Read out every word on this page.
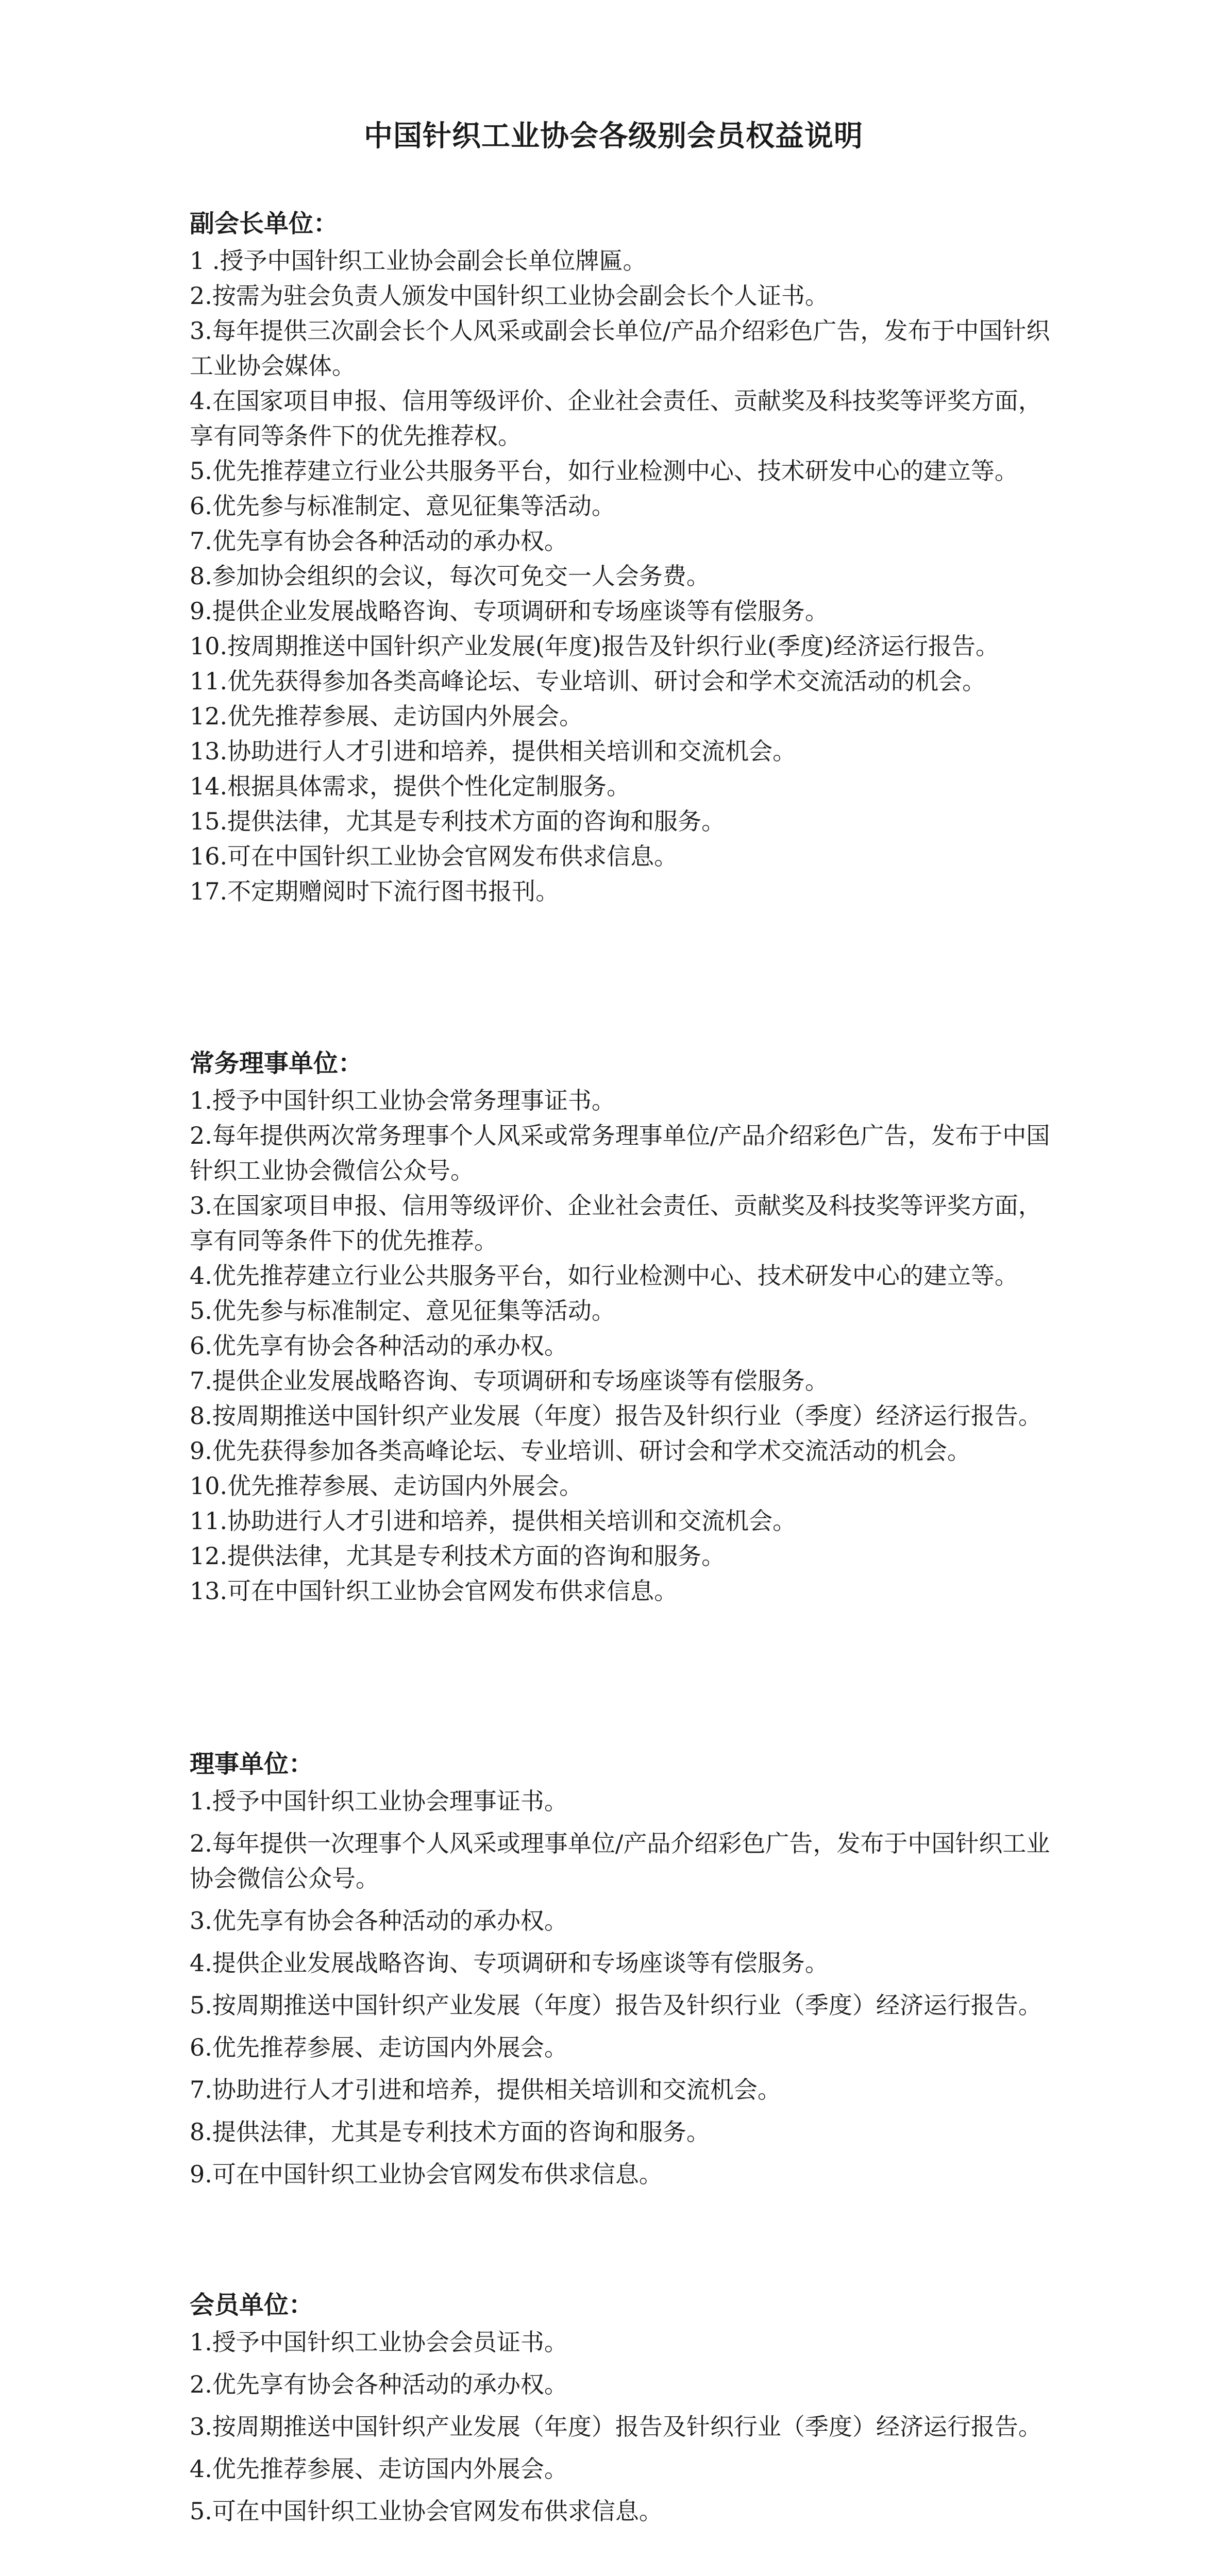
中国针织工业协会各级别会员权益说明
副会长单位：

1 .授予中国针织工业协会副会长单位牌匾。

2.按需为驻会负责人颁发中国针织工业协会副会长个人证书。

3.每年提供三次副会长个人风采或副会长单位/产品介绍彩色广告，发布于中国针织工业协会媒体。

4.在国家项目申报、信用等级评价、企业社会责任、贡献奖及科技奖等评奖方面，享有同等条件下的优先推荐权。

5.优先推荐建立行业公共服务平台，如行业检测中心、技术研发中心的建立等。

6.优先参与标准制定、意见征集等活动。

7.优先享有协会各种活动的承办权。

8.参加协会组织的会议，每次可免交一人会务费。

9.提供企业发展战略咨询、专项调研和专场座谈等有偿服务。

10.按周期推送中国针织产业发展(年度)报告及针织行业(季度)经济运行报告。

11.优先获得参加各类高峰论坛、专业培训、研讨会和学术交流活动的机会。

12.优先推荐参展、走访国内外展会。

13.协助进行人才引进和培养，提供相关培训和交流机会。

14.根据具体需求，提供个性化定制服务。

15.提供法律，尤其是专利技术方面的咨询和服务。

16.可在中国针织工业协会官网发布供求信息。

17.不定期赠阅时下流行图书报刊。

常务理事单位：

1.授予中国针织工业协会常务理事证书。

2.每年提供两次常务理事个人风采或常务理事单位/产品介绍彩色广告，发布于中国针织工业协会微信公众号。

3.在国家项目申报、信用等级评价、企业社会责任、贡献奖及科技奖等评奖方面，享有同等条件下的优先推荐。

4.优先推荐建立行业公共服务平台，如行业检测中心、技术研发中心的建立等。

5.优先参与标准制定、意见征集等活动。

6.优先享有协会各种活动的承办权。

7.提供企业发展战略咨询、专项调研和专场座谈等有偿服务。

8.按周期推送中国针织产业发展（年度）报告及针织行业（季度）经济运行报告。

9.优先获得参加各类高峰论坛、专业培训、研讨会和学术交流活动的机会。

10.优先推荐参展、走访国内外展会。

11.协助进行人才引进和培养，提供相关培训和交流机会。

12.提供法律，尤其是专利技术方面的咨询和服务。

13.可在中国针织工业协会官网发布供求信息。

理事单位：

1.授予中国针织工业协会理事证书。

2.每年提供一次理事个人风采或理事单位/产品介绍彩色广告，发布于中国针织工业协会微信公众号。

3.优先享有协会各种活动的承办权。

4.提供企业发展战略咨询、专项调研和专场座谈等有偿服务。

5.按周期推送中国针织产业发展（年度）报告及针织行业（季度）经济运行报告。

6.优先推荐参展、走访国内外展会。

7.协助进行人才引进和培养，提供相关培训和交流机会。

8.提供法律，尤其是专利技术方面的咨询和服务。

9.可在中国针织工业协会官网发布供求信息。

会员单位：

1.授予中国针织工业协会会员证书。

2.优先享有协会各种活动的承办权。

3.按周期推送中国针织产业发展（年度）报告及针织行业（季度）经济运行报告。

4.优先推荐参展、走访国内外展会。

5.可在中国针织工业协会官网发布供求信息。
